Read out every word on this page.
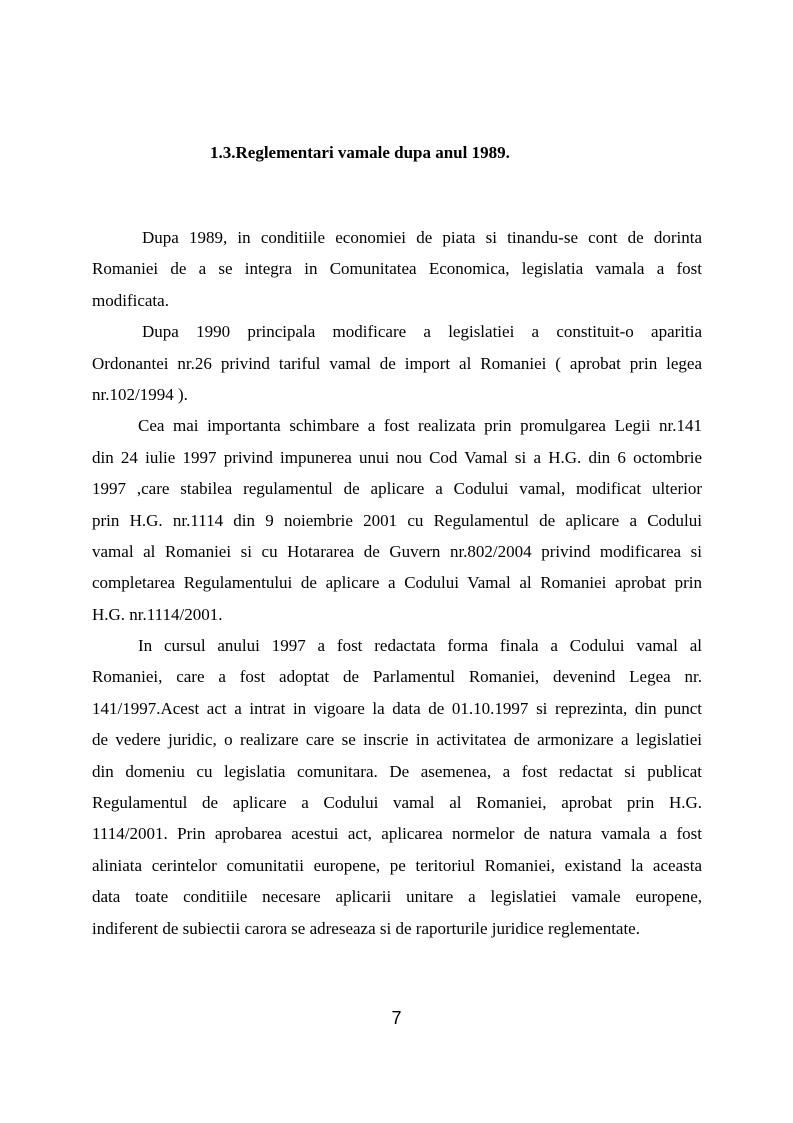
1.3.Reglementari vamale dupa anul 1989.
Dupa 1989, in conditiile economiei de piata si tinandu-se cont de dorinta
Romaniei de a se integra in Comunitatea Economica, legislatia vamala a fost
modificata.
Dupa 1990 principala modificare a legislatiei a constituit-o aparitia
Ordonantei nr.26 privind tariful vamal de import al Romaniei ( aprobat prin legea
nr.102/1994 ).
Cea mai importanta schimbare a fost realizata prin promulgarea Legii nr.141
din 24 iulie 1997 privind impunerea unui nou Cod Vamal si a H.G. din 6 octombrie
1997 ,care stabilea regulamentul de aplicare a Codului vamal, modificat ulterior
prin H.G. nr.1114 din 9 noiembrie 2001 cu Regulamentul de aplicare a Codului
vamal al Romaniei si cu Hotararea de Guvern nr.802/2004 privind modificarea si
completarea Regulamentului de aplicare a Codului Vamal al Romaniei aprobat prin
H.G. nr.1114/2001.
In cursul anului 1997 a fost redactata forma finala a Codului vamal al
Romaniei, care a fost adoptat de Parlamentul Romaniei, devenind Legea nr.
141/1997.Acest act a intrat in vigoare la data de 01.10.1997 si reprezinta, din punct
de vedere juridic, o realizare care se inscrie in activitatea de armonizare a legislatiei
din domeniu cu legislatia comunitara. De asemenea, a fost redactat si publicat
Regulamentul de aplicare a Codului vamal al Romaniei, aprobat prin H.G.
1114/2001. Prin aprobarea acestui act, aplicarea normelor de natura vamala a fost
aliniata cerintelor comunitatii europene, pe teritoriul Romaniei, existand la aceasta
data toate conditiile necesare aplicarii unitare a legislatiei vamale europene,
indiferent de subiectii carora se adreseaza si de raporturile juridice reglementate.
7
